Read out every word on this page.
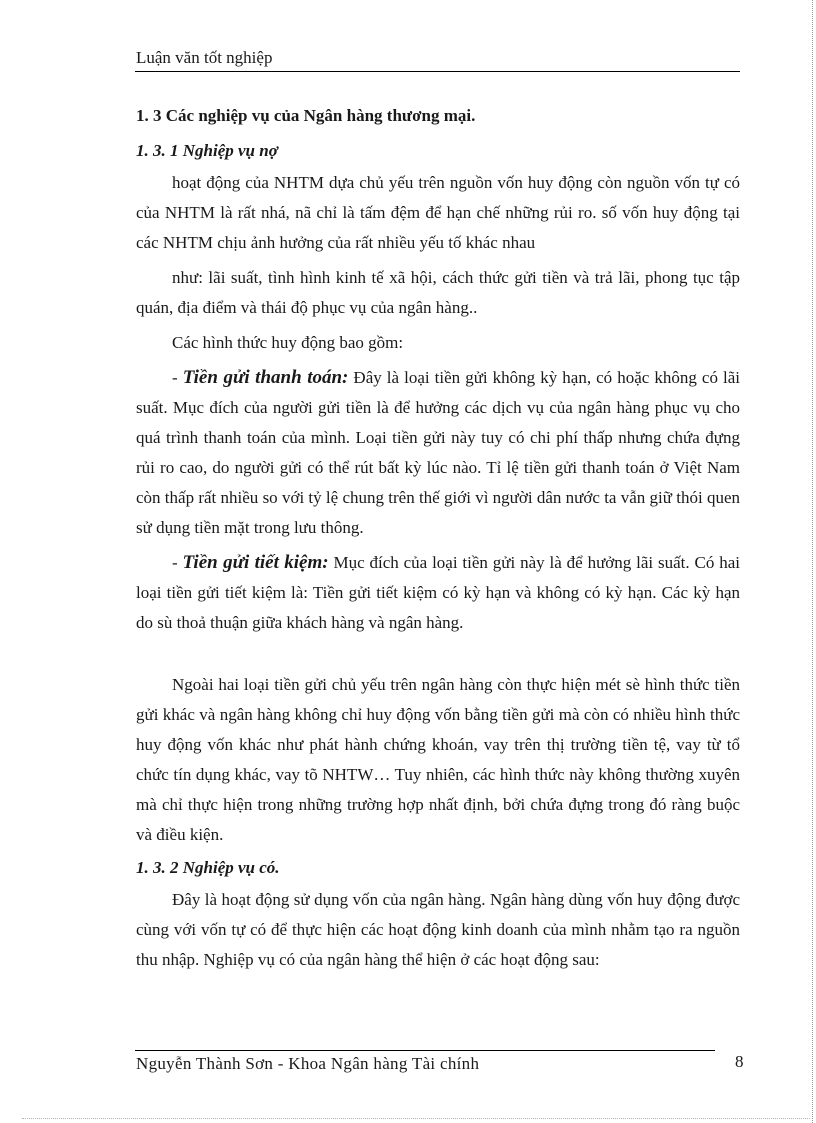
Luận văn tốt nghiệp
1. 3 Các nghiệp vụ của Ngân hàng thương mại.
1. 3. 1 Nghiệp vụ nợ
hoạt động của NHTM dựa chủ yếu trên nguồn vốn huy động còn nguồn vốn tự có của NHTM là rất nhá, nã chỉ là tấm đệm để hạn chế những rủi ro. số vốn huy động tại các NHTM chịu ảnh hưởng của rất nhiều yếu tố khác nhau
như: lãi suất, tình hình kinh tế xã hội, cách thức gửi tiền và trả lãi, phong tục tập quán, địa điểm và thái độ phục vụ của ngân hàng..
Các hình thức huy động bao gồm:
- Tiền gửi thanh toán: Đây là loại tiền gửi không kỳ hạn, có hoặc không có lãi suất. Mục đích của người gửi tiền là để hưởng các dịch vụ của ngân hàng phục vụ cho quá trình thanh toán của mình. Loại tiền gửi này tuy có chi phí thấp nhưng chứa đựng rủi ro cao, do người gửi có thể rút bất kỳ lúc nào. Tỉ lệ tiền gửi thanh toán ở Việt Nam còn thấp rất nhiều so với tỷ lệ chung trên thế giới vì người dân nước ta vẫn giữ thói quen sử dụng tiền mặt trong lưu thông.
- Tiền gửi tiết kiệm: Mục đích của loại tiền gửi này là để hưởng lãi suất. Có hai loại tiền gửi tiết kiệm là: Tiền gửi tiết kiệm có kỳ hạn và không có kỳ hạn. Các kỳ hạn do sù thoả thuận giữa khách hàng và ngân hàng.
Ngoài hai loại tiền gửi chủ yếu trên ngân hàng còn thực hiện mét sè hình thức tiền gửi khác và ngân hàng không chỉ huy động vốn bằng tiền gửi mà còn có nhiều hình thức huy động vốn khác như phát hành chứng khoán, vay trên thị trường tiền tệ, vay từ tổ chức tín dụng khác, vay tõ NHTW… Tuy nhiên, các hình thức này không thường xuyên mà chỉ thực hiện trong những trường hợp nhất định, bởi chứa đựng trong đó ràng buộc và điều kiện.
1. 3. 2 Nghiệp vụ có.
Đây là hoạt động sử dụng vốn của ngân hàng. Ngân hàng dùng vốn huy động được cùng với vốn tự có để thực hiện các hoạt động kinh doanh của mình nhằm tạo ra nguồn thu nhập. Nghiệp vụ có của ngân hàng thể hiện ở các hoạt động sau:
Nguyễn Thành Sơn - Khoa Ngân hàng Tài chính	8
